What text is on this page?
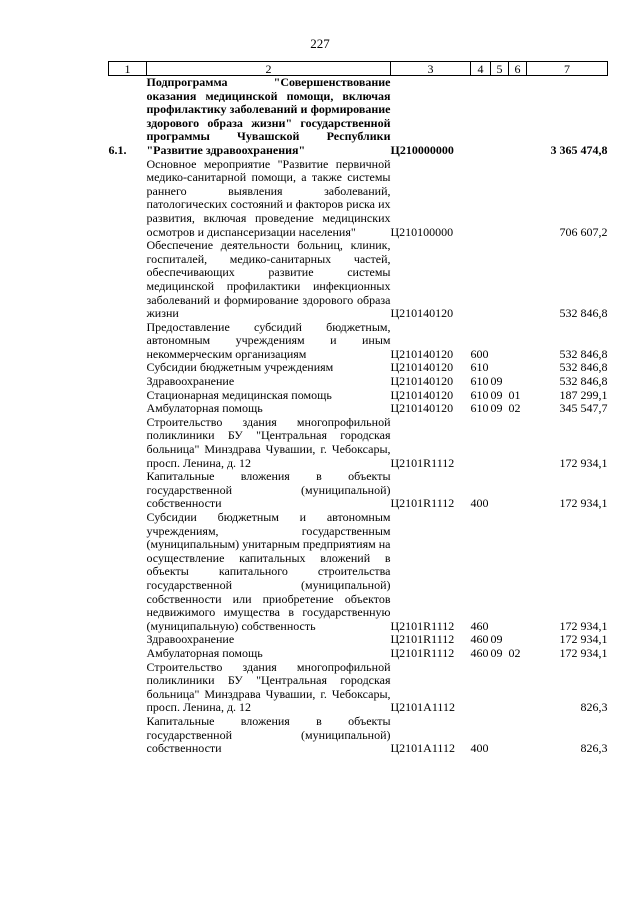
227
1	2	3	4	5	6	7
6.1.	Подпрограмма "Совершенствование оказания медицинской помощи, включая профилактику заболеваний и формирование здорового образа жизни" государственной программы Чувашской Республики "Развитие здравоохранения"	Ц210000000				3 365 474,8
	Основное мероприятие "Развитие первичной медико-санитарной помощи, а также системы раннего выявления заболеваний, патологических состояний и факторов риска их развития, включая проведение медицинских осмотров и диспансеризации населения"	Ц210100000				706 607,2
	Обеспечение деятельности больниц, клиник, госпиталей, медико-санитарных частей, обеспечивающих развитие системы медицинской профилактики инфекционных заболеваний и формирование здорового образа жизни	Ц210140120				532 846,8
	Предоставление субсидий бюджетным, автономным учреждениям и иным некоммерческим организациям	Ц210140120	600			532 846,8
	Субсидии бюджетным учреждениям	Ц210140120	610			532 846,8
	Здравоохранение	Ц210140120	610	09		532 846,8
	Стационарная медицинская помощь	Ц210140120	610	09	01	187 299,1
	Амбулаторная помощь	Ц210140120	610	09	02	345 547,7
	Строительство здания многопрофильной поликлиники БУ "Центральная городская больница" Минздрава Чувашии, г. Чебоксары, просп. Ленина, д. 12	Ц2101R1112				172 934,1
	Капитальные вложения в объекты государственной (муниципальной) собственности	Ц2101R1112	400			172 934,1
	Субсидии бюджетным и автономным учреждениям, государственным (муниципальным) унитарным предприятиям на осуществление капитальных вложений в объекты капитального строительства государственной (муниципальной) собственности или приобретение объектов недвижимого имущества в государственную (муниципальную) собственность	Ц2101R1112	460			172 934,1
	Здравоохранение	Ц2101R1112	460	09		172 934,1
	Амбулаторная помощь	Ц2101R1112	460	09	02	172 934,1
	Строительство здания многопрофильной поликлиники БУ "Центральная городская больница" Минздрава Чувашии, г. Чебоксары, просп. Ленина, д. 12	Ц2101А1112				826,3
	Капитальные вложения в объекты государственной (муниципальной) собственности	Ц2101А1112	400			826,3
